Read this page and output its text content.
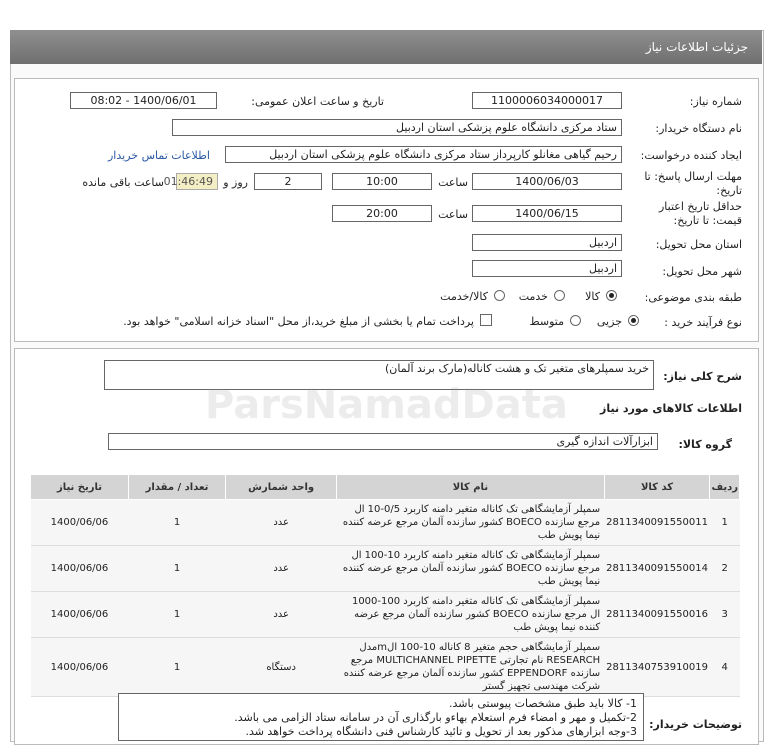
جزئیات اطلاعات نیاز
شماره نیاز:
1100006034000017
تاریخ و ساعت اعلان عمومی:
1400/06/01 - 08:02
نام دستگاه خریدار:
ستاد مرکزی دانشگاه علوم پزشکی استان اردبیل
ایجاد کننده درخواست:
رحیم گیاهی مغانلو کارپرداز ستاد مرکزی دانشگاه علوم پزشکی استان اردبیل
اطلاعات تماس خریدار
مهلت ارسال پاسخ: تا
تاریخ:
1400/06/03
ساعت
10:00
2
روز و
01:46:49
ساعت باقی مانده
حداقل تاریخ اعتبار
قیمت: تا تاریخ:
1400/06/15
ساعت
20:00
استان محل تحویل:
اردبیل
شهر محل تحویل:
اردبیل
طبقه بندی موضوعی:
کالا
خدمت
کالا/خدمت
نوع فرآیند خرید :
جزیی
متوسط
پرداخت تمام یا بخشی از مبلغ خرید،از محل "اسناد خزانه اسلامی" خواهد بود.
شرح کلی نیاز:
خرید سمپلرهای متغیر تک و هشت کاناله(مارک برند آلمان)
اطلاعات کالاهای مورد نیاز
گروه کالا:
ابزارآلات اندازه گیری
ردیف	کد کالا	نام کالا	واحد شمارش	تعداد / مقدار	تاریخ نیاز
1	2811340091550011	سمپلر آزمایشگاهی تک کاناله متغیر دامنه کاربرد 0/5-10 ال مرجع سازنده BOECO کشور سازنده آلمان مرجع عرضه کننده نیما پویش طب	عدد	1	1400/06/06
2	2811340091550014	سمپلر آزمایشگاهی تک کاناله متغیر دامنه کاربرد 10-100 ال مرجع سازنده BOECO کشور سازنده آلمان مرجع عرضه کننده نیما پویش طب	عدد	1	1400/06/06
3	2811340091550016	سمپلر آزمایشگاهی تک کاناله متغیر دامنه کاربرد 100-1000 ال مرجع سازنده BOECO کشور سازنده آلمان مرجع عرضه کننده نیما پویش طب	عدد	1	1400/06/06
4	2811340753910019	سمپلر آزمایشگاهی حجم متغیر 8 کاناله 10-100 الmمدل RESEARCH نام تجارتی MULTICHANNEL PIPETTE مرجع سازنده EPPENDORF کشور سازنده آلمان مرجع عرضه کننده شرکت مهندسی تجهیز گستر	دستگاه	1	1400/06/06
توضیحات خریدار:
1- کالا باید طبق مشخصات پیوستی باشد.
2-تکمیل و مهر و امضاء فرم استعلام بهاءو بارگذاری آن در سامانه ستاد الزامی می باشد.
3-وجه ابزارهای مذکور بعد از تحویل و تائید کارشناس فنی دانشگاه پرداخت خواهد شد.
